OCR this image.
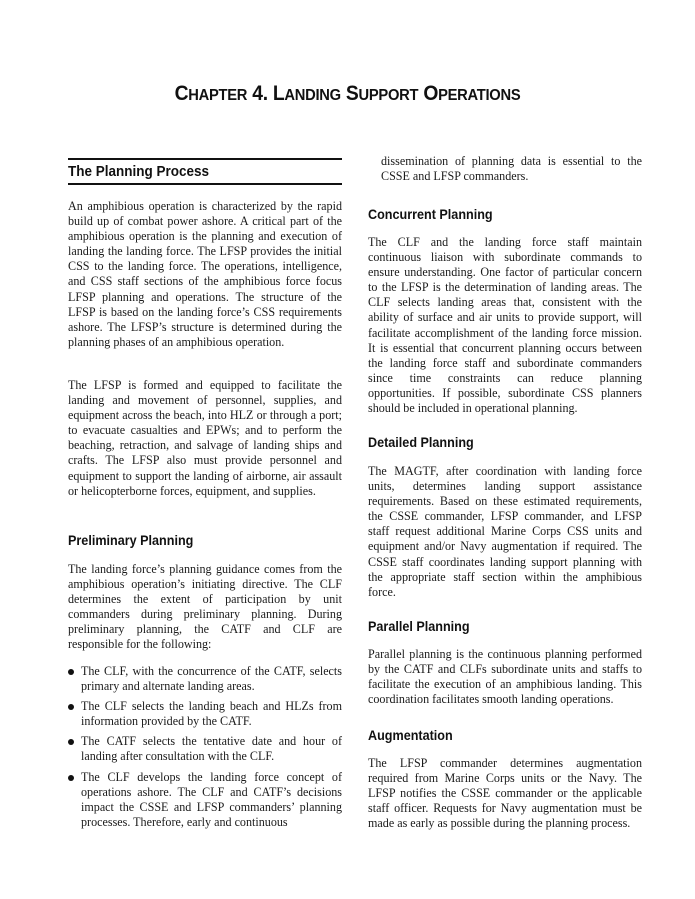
CHAPTER 4. LANDING SUPPORT OPERATIONS
The Planning Process
An amphibious operation is characterized by the rapid build up of combat power ashore. A critical part of the amphibious operation is the planning and execution of landing the landing force. The LFSP provides the initial CSS to the landing force. The operations, intelligence, and CSS staff sections of the amphibious force focus LFSP planning and operations. The structure of the LFSP is based on the landing force’s CSS requirements ashore. The LFSP’s structure is determined during the planning phases of an amphibious operation.
The LFSP is formed and equipped to facilitate the landing and movement of personnel, supplies, and equipment across the beach, into HLZ or through a port; to evacuate casualties and EPWs; and to perform the beaching, retraction, and salvage of landing ships and crafts. The LFSP also must provide personnel and equipment to support the landing of airborne, air assault or helicopterborne forces, equipment, and supplies.
Preliminary Planning
The landing force’s planning guidance comes from the amphibious operation’s initiating directive. The CLF determines the extent of participation by unit commanders during preliminary planning. During preliminary planning, the CATF and CLF are responsible for the following:
The CLF, with the concurrence of the CATF, selects primary and alternate landing areas.
The CLF selects the landing beach and HLZs from information provided by the CATF.
The CATF selects the tentative date and hour of landing after consultation with the CLF.
The CLF develops the landing force concept of operations ashore. The CLF and CATF’s decisions impact the CSSE and LFSP commanders’ planning processes. Therefore, early and continuous
dissemination of planning data is essential to the CSSE and LFSP commanders.
Concurrent Planning
The CLF and the landing force staff maintain continuous liaison with subordinate commands to ensure understanding. One factor of particular concern to the LFSP is the determination of landing areas. The CLF selects landing areas that, consistent with the ability of surface and air units to provide support, will facilitate accomplishment of the landing force mission. It is essential that concurrent planning occurs between the landing force staff and subordinate commanders since time constraints can reduce planning opportunities. If possible, subordinate CSS planners should be included in operational planning.
Detailed Planning
The MAGTF, after coordination with landing force units, determines landing support assistance requirements. Based on these estimated requirements, the CSSE commander, LFSP commander, and LFSP staff request additional Marine Corps CSS units and equipment and/or Navy augmentation if required. The CSSE staff coordinates landing support planning with the appropriate staff section within the amphibious force.
Parallel Planning
Parallel planning is the continuous planning performed by the CATF and CLFs subordinate units and staffs to facilitate the execution of an amphibious landing. This coordination facilitates smooth landing operations.
Augmentation
The LFSP commander determines augmentation required from Marine Corps units or the Navy. The LFSP notifies the CSSE commander or the applicable staff officer. Requests for Navy augmentation must be made as early as possible during the planning process.
